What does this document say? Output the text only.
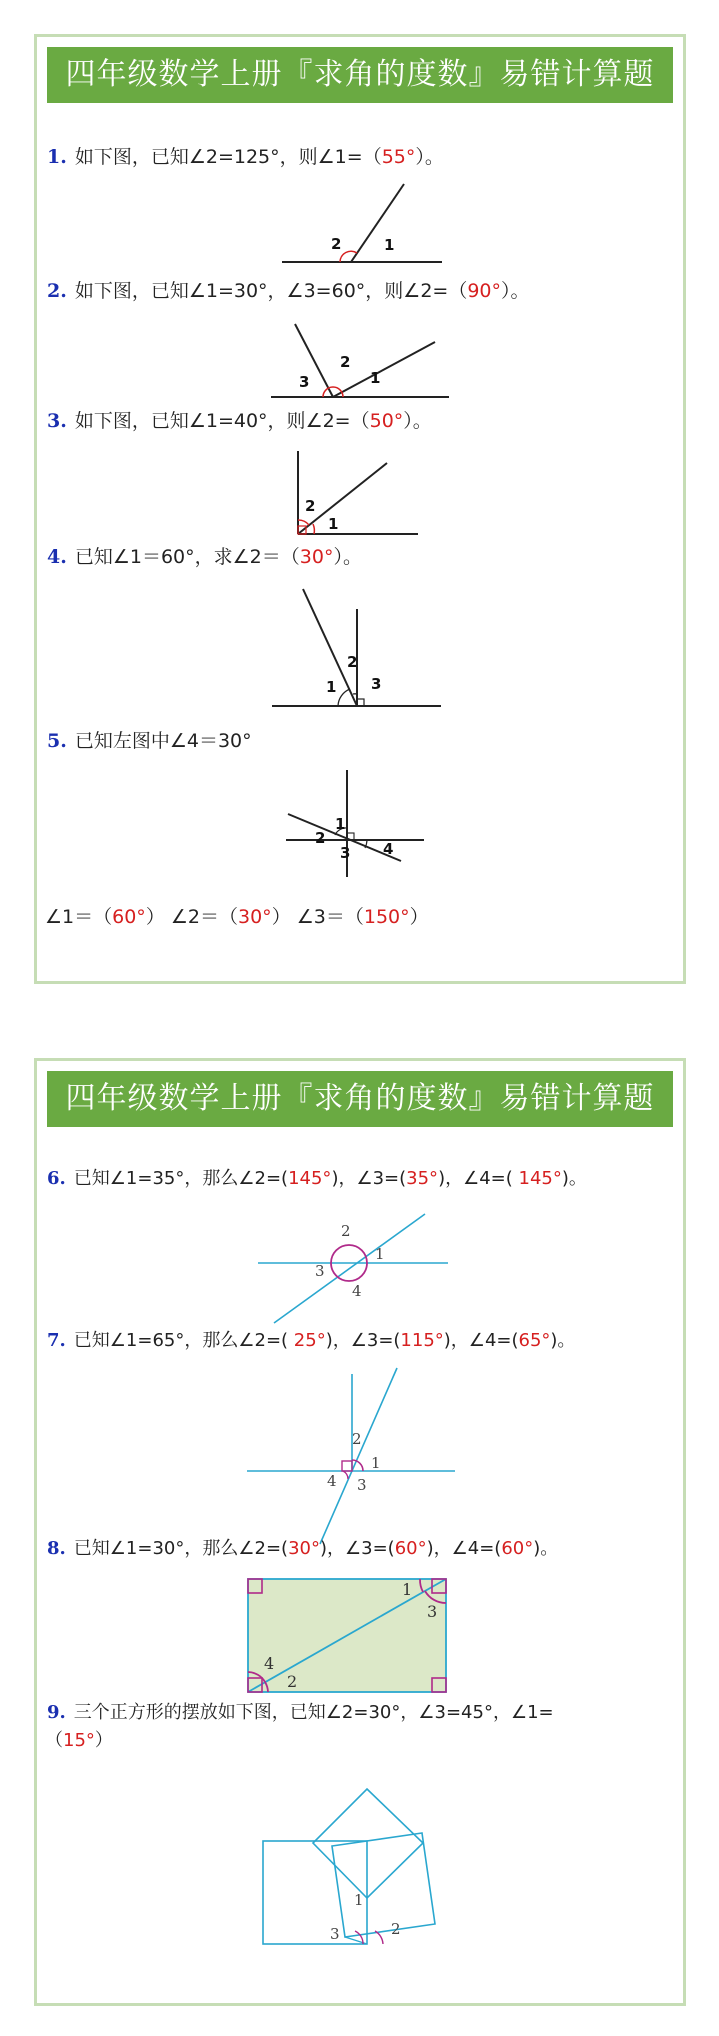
四年级数学上册『求角的度数』易错计算题
1. 如下图，已知∠2=125°，则∠1=（55°）。
2	1
2. 如下图，已知∠1=30°，∠3=60°，则∠2=（90°）。
3
2
1
3. 如下图，已知∠1=40°，则∠2=（50°）。
2
1
4. 已知∠1＝60°，求∠2＝（30°）。
1
2
3
5. 已知左图中∠4＝30°
1
2
3 4
∠1＝（60°） ∠2＝（30°） ∠3＝（150°）
四年级数学上册『求角的度数』易错计算题
6. 已知∠1=35°，那么∠2=(145°)，∠3=(35°)，∠4=( 145°)。
2
1
3
4
7. 已知∠1=65°，那么∠2=( 25°)，∠3=(115°)，∠4=(65°)。
2
1
4 3
8. 已知∠1=30°，那么∠2=(30°)，∠3=(60°)，∠4=(60°)。
1
3
4
2
9. 三个正方形的摆放如下图，已知∠2=30°，∠3=45°，∠1=
（15°）
1
3	2
